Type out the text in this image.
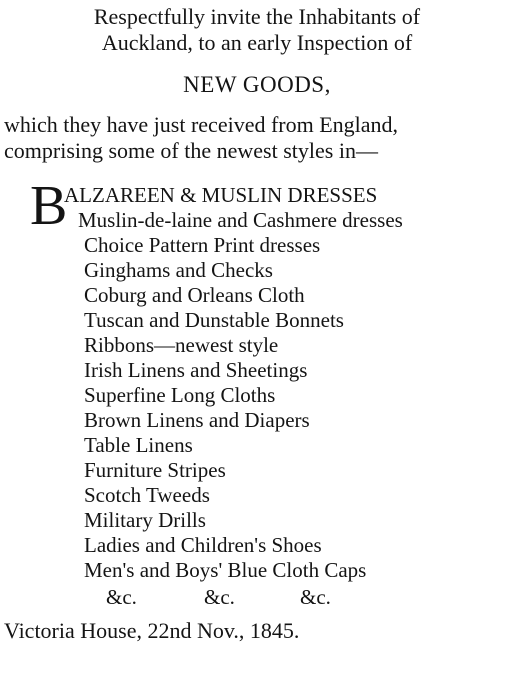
Respectfully invite the Inhabitants of
Auckland, to an early Inspection of
NEW GOODS,
which they have just received from England,
comprising some of the newest styles in—
B
ALZAREEN & MUSLIN DRESSES
Muslin-de-laine and Cashmere dresses
Choice Pattern Print dresses
Ginghams and Checks
Coburg and Orleans Cloth
Tuscan and Dunstable Bonnets
Ribbons—newest style
Irish Linens and Sheetings
Superfine Long Cloths
Brown Linens and Diapers
Table Linens
Furniture Stripes
Scotch Tweeds
Military Drills
Ladies and Children's Shoes
Men's and Boys' Blue Cloth Caps
&c.	&c.	&c.
Victoria House, 22nd Nov., 1845.
